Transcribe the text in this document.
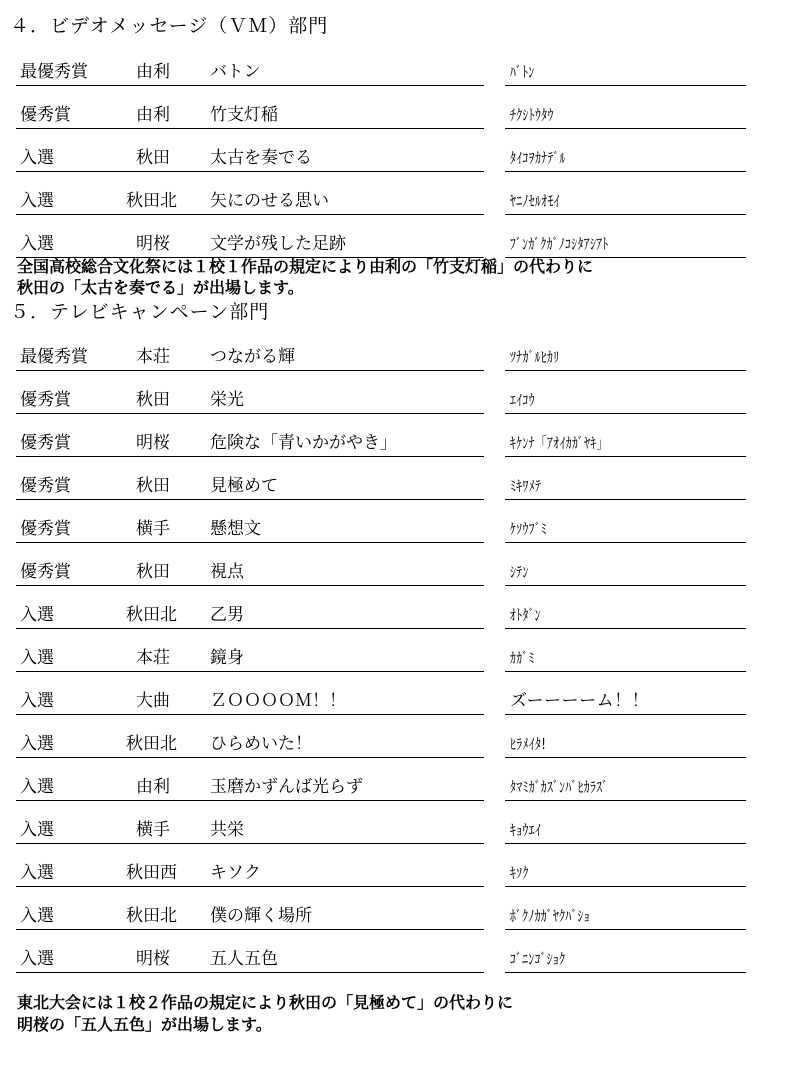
４．ビデオメッセージ（ＶＭ）部門
最優秀賞	由利 バトン	ﾊﾞﾄﾝ
優秀賞	由利 竹支灯稲	ﾁｸｼﾄｳﾀｳ
入選	秋田 太古を奏でる	ﾀｲｺｦｶﾅﾃﾞﾙ
入選	秋田北 矢にのせる思い	ﾔﾆﾉｾﾙｵﾓｲ
入選	明桜 文学が残した足跡	ﾌﾞﾝｶﾞｸｶﾞﾉｺｼﾀｱｼｱﾄ
全国高校総合文化祭には１校１作品の規定により由利の「竹支灯稲」の代わりに
秋田の「太古を奏でる」が出場します。
５．テレビキャンペーン部門
最優秀賞	本荘 つながる輝	ﾂﾅｶﾞﾙﾋｶﾘ
優秀賞	秋田 栄光	ｴｲｺｳ
優秀賞	明桜 危険な「青いかがやき」	ｷｹﾝﾅ「ｱｵｲｶｶﾞﾔｷ」
優秀賞	秋田 見極めて	ﾐｷﾜﾒﾃ
優秀賞	横手 懸想文	ｹｿｳﾌﾞﾐ
優秀賞	秋田 視点	ｼﾃﾝ
入選	秋田北 乙男	ｵﾄﾀﾞﾝ
入選	本荘 鏡身	ｶｶﾞﾐ
入選	大曲 ＺＯＯＯＯＭ！！	ズーーーーム！！
入選	秋田北 ひらめいた！	ﾋﾗﾒｲﾀ!
入選	由利 玉磨かずんば光らず	ﾀﾏﾐｶﾞｶｽﾞﾝﾊﾞﾋｶﾗｽﾞ
入選	横手 共栄	ｷｮｳｴｲ
入選	秋田西 キソク	ｷｿｸ
入選	秋田北 僕の輝く場所	ﾎﾞｸﾉｶｶﾞﾔｸﾊﾞｼｮ
入選	明桜 五人五色	ｺﾞﾆﾝｺﾞｼｮｸ
東北大会には１校２作品の規定により秋田の「見極めて」の代わりに
明桜の「五人五色」が出場します。
